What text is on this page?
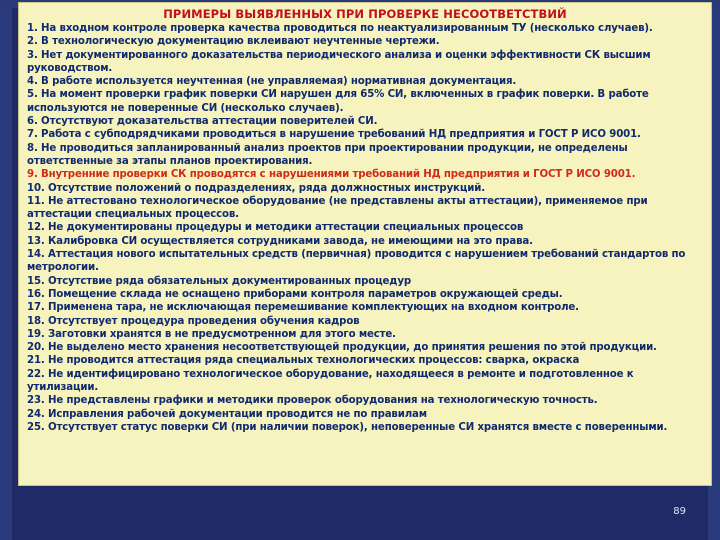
ПРИМЕРЫ ВЫЯВЛЕННЫХ ПРИ ПРОВЕРКЕ НЕСООТВЕТСТВИЙ
1. На входном контроле проверка качества проводиться по неактуализированным ТУ (несколько случаев).
2. В технологическую документацию вклеивают неучтенные чертежи.
3. Нет документированного доказательства периодического анализа и оценки эффективности СК высшим руководством.
4. В работе используется неучтенная (не управляемая) нормативная документация.
5. На момент проверки график поверки СИ нарушен для 65% СИ, включенных в график поверки. В работе используются не поверенные СИ (несколько случаев).
6. Отсутствуют доказательства аттестации поверителей СИ.
7. Работа с субподрядчиками проводиться в нарушение требований НД предприятия и ГОСТ Р ИСО 9001.
8. Не проводиться запланированный анализ проектов при проектировании продукции, не определены ответственные за этапы планов проектирования.
9. Внутренние проверки СК проводятся с нарушениями требований НД предприятия и ГОСТ Р ИСО 9001.
10. Отсутствие положений о подразделениях, ряда должностных инструкций.
11. Не аттестовано технологическое оборудование (не представлены акты аттестации), применяемое при аттестации специальных процессов.
12. Не документированы процедуры и методики аттестации специальных процессов
13. Калибровка СИ осуществляется сотрудниками завода, не имеющими на это права.
14. Аттестация нового испытательных средств (первичная) проводится с нарушением требований стандартов по метрологии.
15. Отсутствие ряда обязательных документированных процедур
16. Помещение склада не оснащено приборами контроля параметров окружающей среды.
17. Применена тара, не исключающая перемешивание комплектующих на входном контроле.
18. Отсутствует процедура проведения обучения кадров
19. Заготовки хранятся в не предусмотренном для этого месте.
20. Не выделено место хранения несоответствующей продукции, до принятия решения по этой продукции.
21. Не проводится аттестация ряда специальных технологических процессов: сварка, окраска
22. Не идентифицировано технологическое оборудование, находящееся в ремонте и подготовленное к утилизации.
23. Не представлены графики и методики проверок оборудования на технологическую точность.
24. Исправления рабочей документации проводится не по правилам
25. Отсутствует статус поверки СИ (при наличии поверок), неповеренные СИ хранятся вместе с поверенными.
89
